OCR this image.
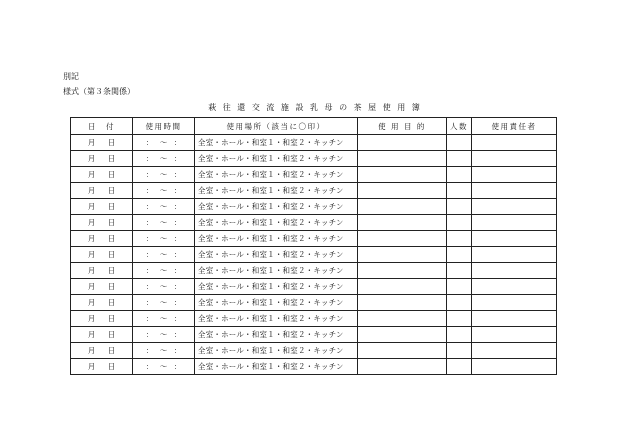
別記
様式（第３条関係）
萩 往 還 交 流 施 設 乳 母 の 茶 屋 使 用 簿
日　付	使用時間	使用場所（該当に〇印）	使 用 目 的	人数	使用責任者
月 日	： ～ ：	全室・ホール・和室１・和室２・キッチン			
月 日	： ～ ：	全室・ホール・和室１・和室２・キッチン			
月 日	： ～ ：	全室・ホール・和室１・和室２・キッチン			
月 日	： ～ ：	全室・ホール・和室１・和室２・キッチン			
月 日	： ～ ：	全室・ホール・和室１・和室２・キッチン			
月 日	： ～ ：	全室・ホール・和室１・和室２・キッチン			
月 日	： ～ ：	全室・ホール・和室１・和室２・キッチン			
月 日	： ～ ：	全室・ホール・和室１・和室２・キッチン			
月 日	： ～ ：	全室・ホール・和室１・和室２・キッチン			
月 日	： ～ ：	全室・ホール・和室１・和室２・キッチン			
月 日	： ～ ：	全室・ホール・和室１・和室２・キッチン			
月 日	： ～ ：	全室・ホール・和室１・和室２・キッチン			
月 日	： ～ ：	全室・ホール・和室１・和室２・キッチン			
月 日	： ～ ：	全室・ホール・和室１・和室２・キッチン			
月 日	： ～ ：	全室・ホール・和室１・和室２・キッチン			
